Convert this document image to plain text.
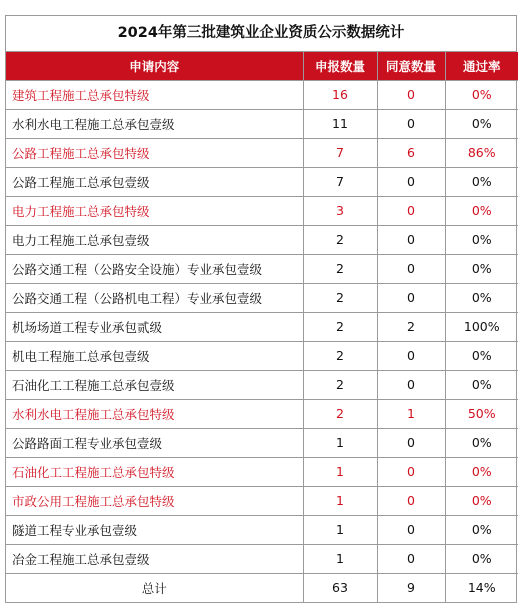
2024年第三批建筑业企业资质公示数据统计
申请内容	申报数量	同意数量	通过率
建筑工程施工总承包特级	16	0	0%
水利水电工程施工总承包壹级	11	0	0%
公路工程施工总承包特级	7	6	86%
公路工程施工总承包壹级	7	0	0%
电力工程施工总承包特级	3	0	0%
电力工程施工总承包壹级	2	0	0%
公路交通工程（公路安全设施）专业承包壹级	2	0	0%
公路交通工程（公路机电工程）专业承包壹级	2	0	0%
机场场道工程专业承包贰级	2	2	100%
机电工程施工总承包壹级	2	0	0%
石油化工工程施工总承包壹级	2	0	0%
水利水电工程施工总承包特级	2	1	50%
公路路面工程专业承包壹级	1	0	0%
石油化工工程施工总承包特级	1	0	0%
市政公用工程施工总承包特级	1	0	0%
隧道工程专业承包壹级	1	0	0%
冶金工程施工总承包壹级	1	0	0%
总计	63	9	14%
